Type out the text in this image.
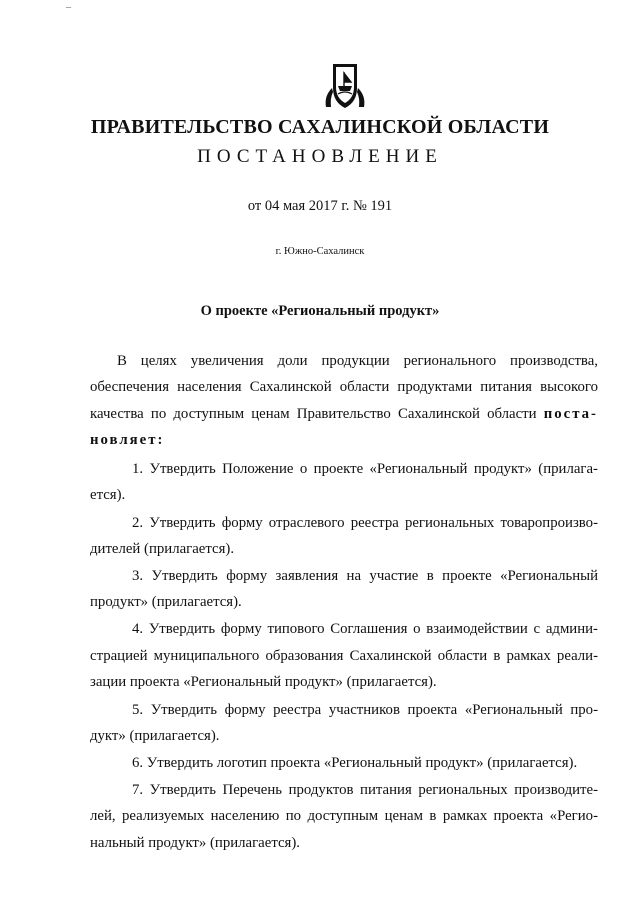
–
ПРАВИТЕЛЬСТВО САХАЛИНСКОЙ ОБЛАСТИ
ПОСТАНОВЛЕНИЕ
от 04 мая 2017 г. № 191
г. Южно-Сахалинск
О проекте «Региональный продукт»
В целях увеличения доли продукции регионального производства,
обеспечения населения Сахалинской области продуктами питания высокого
качества по доступным ценам Правительство Сахалинской области поста-
новляет:
1. Утвердить Положение о проекте «Региональный продукт» (прилага-
ется).
2. Утвердить форму отраслевого реестра региональных товаропроизво-
дителей (прилагается).
3. Утвердить форму заявления на участие в проекте «Региональный
продукт» (прилагается).
4. Утвердить форму типового Соглашения о взаимодействии с админи-
страцией муниципального образования Сахалинской области в рамках реали-
зации проекта «Региональный продукт» (прилагается).
5. Утвердить форму реестра участников проекта «Региональный про-
дукт» (прилагается).
6. Утвердить логотип проекта «Региональный продукт» (прилагается).
7. Утвердить Перечень продуктов питания региональных производите-
лей, реализуемых населению по доступным ценам в рамках проекта «Регио-
нальный продукт» (прилагается).
